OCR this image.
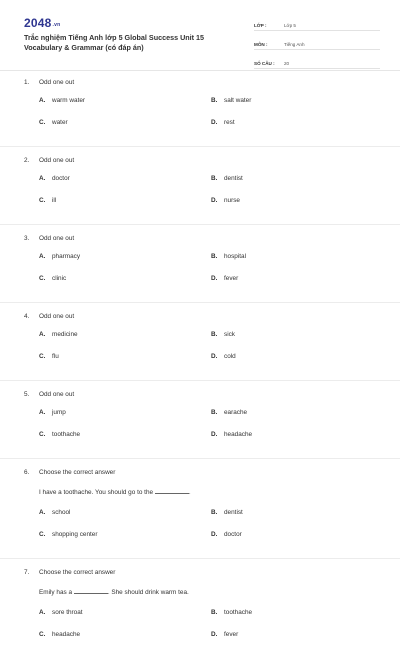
2048.vn
Trắc nghiệm Tiếng Anh lớp 5 Global Success Unit 15 Vocabulary & Grammar (có đáp án)
LỚP :	Lớp 5
MÔN :	Tiếng Anh
SỐ CÂU :	20
1.	Odd one out
A.	warm water	B.	salt water
C.	water	D.	rest
2.	Odd one out
A.	doctor	B.	dentist
C.	ill	D.	nurse
3.	Odd one out
A.	pharmacy	B.	hospital
C.	clinic	D.	fever
4.	Odd one out
A.	medicine	B.	sick
C.	flu	D.	cold
5.	Odd one out
A.	jump	B.	earache
C.	toothache	D.	headache
6.	Choose the correct answer
I have a toothache. You should go to the	.
A.	school	B.	dentist
C.	shopping center	D.	doctor
7.	Choose the correct answer
Emily has a	. She should drink warm tea.
A.	sore throat	B.	toothache
C.	headache	D.	fever
